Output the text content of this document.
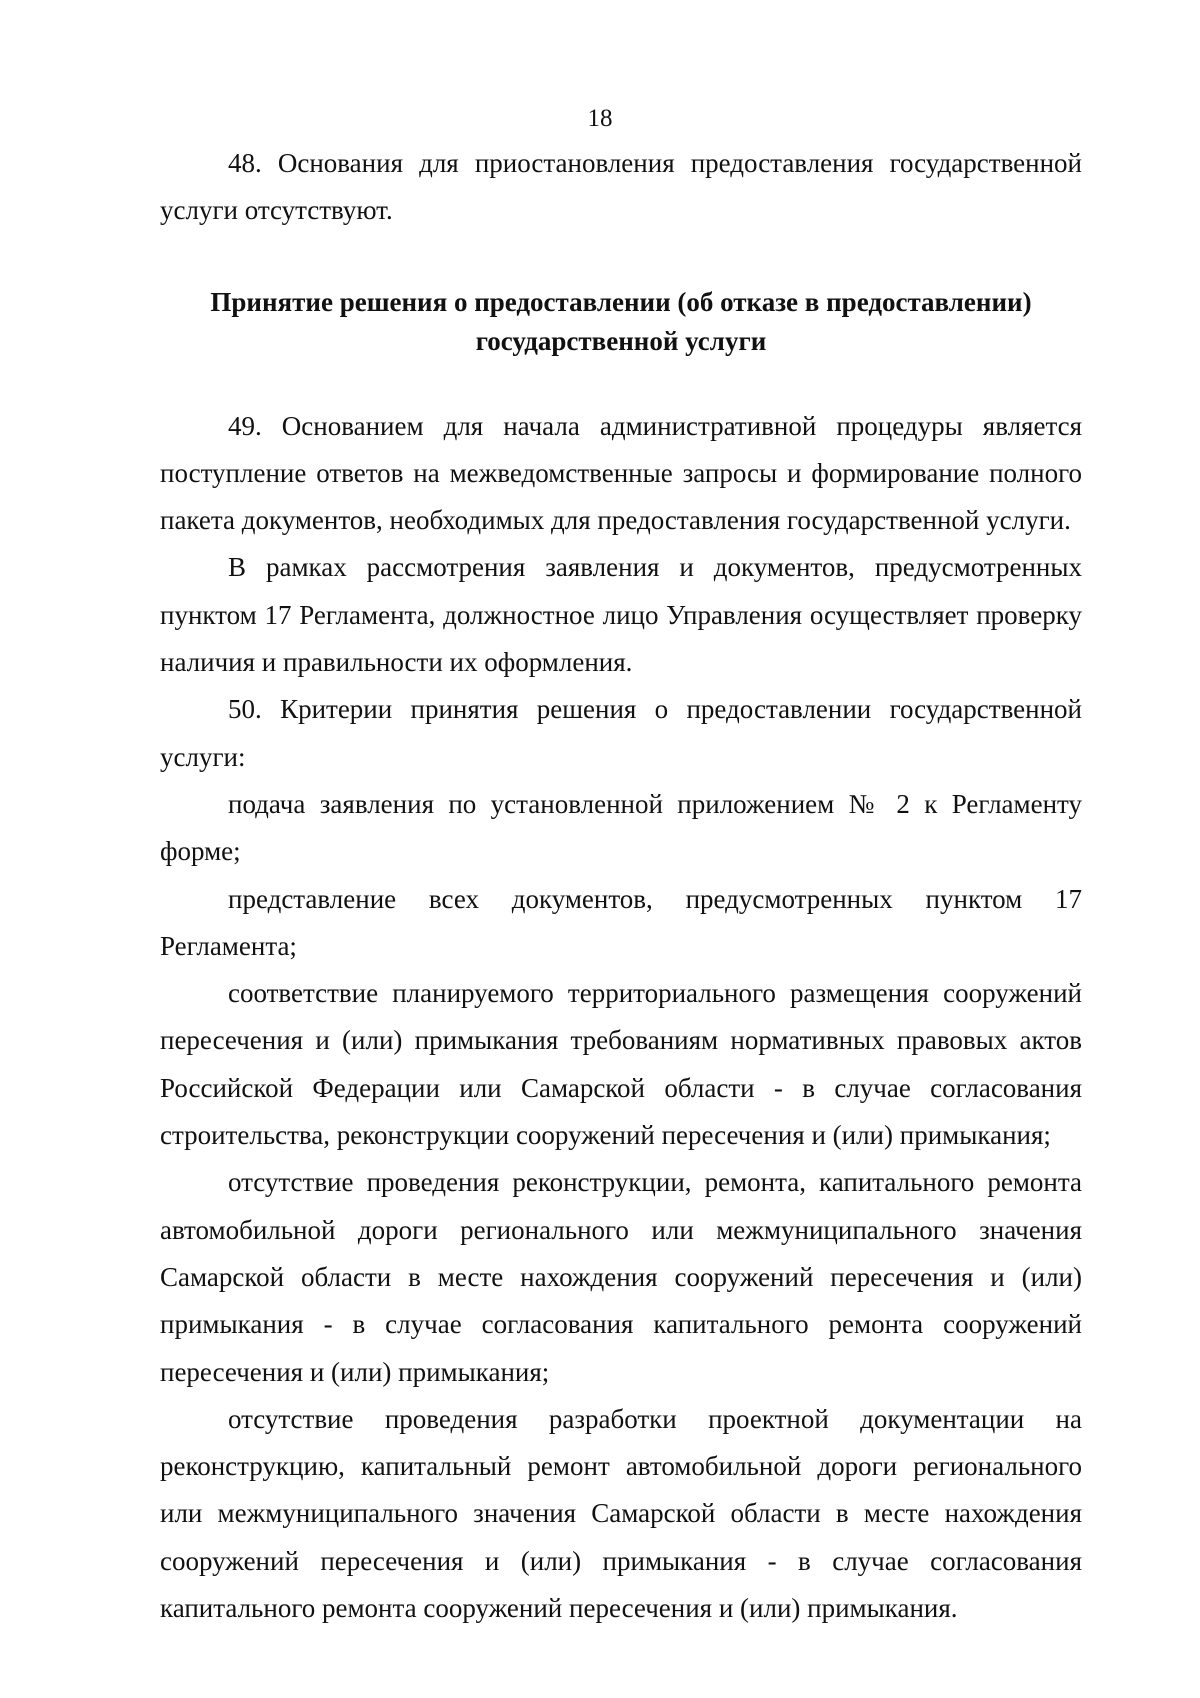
18

48. Основания для приостановления предоставления государственной услуги отсутствуют.

Принятие решения о предоставлении (об отказе в предоставлении)
государственной услуги

49. Основанием для начала административной процедуры является поступление ответов на межведомственные запросы и формирование полного пакета документов, необходимых для предоставления государственной услуги.

В рамках рассмотрения заявления и документов, предусмотренных пунктом 17 Регламента, должностное лицо Управления осуществляет проверку наличия и правильности их оформления.

50. Критерии принятия решения о предоставлении государственной услуги:

подача заявления по установленной приложением № 2 к Регламенту форме;

представление всех документов, предусмотренных пунктом 17 Регламента;

соответствие планируемого территориального размещения сооружений пересечения и (или) примыкания требованиям нормативных правовых актов Российской Федерации или Самарской области - в случае согласования строительства, реконструкции сооружений пересечения и (или) примыкания;

отсутствие проведения реконструкции, ремонта, капитального ремонта автомобильной дороги регионального или межмуниципального значения Самарской области в месте нахождения сооружений пересечения и (или) примыкания - в случае согласования капитального ремонта сооружений пересечения и (или) примыкания;

отсутствие проведения разработки проектной документации на реконструкцию, капитальный ремонт автомобильной дороги регионального или межмуниципального значения Самарской области в месте нахождения сооружений пересечения и (или) примыкания - в случае согласования капитального ремонта сооружений пересечения и (или) примыкания.
